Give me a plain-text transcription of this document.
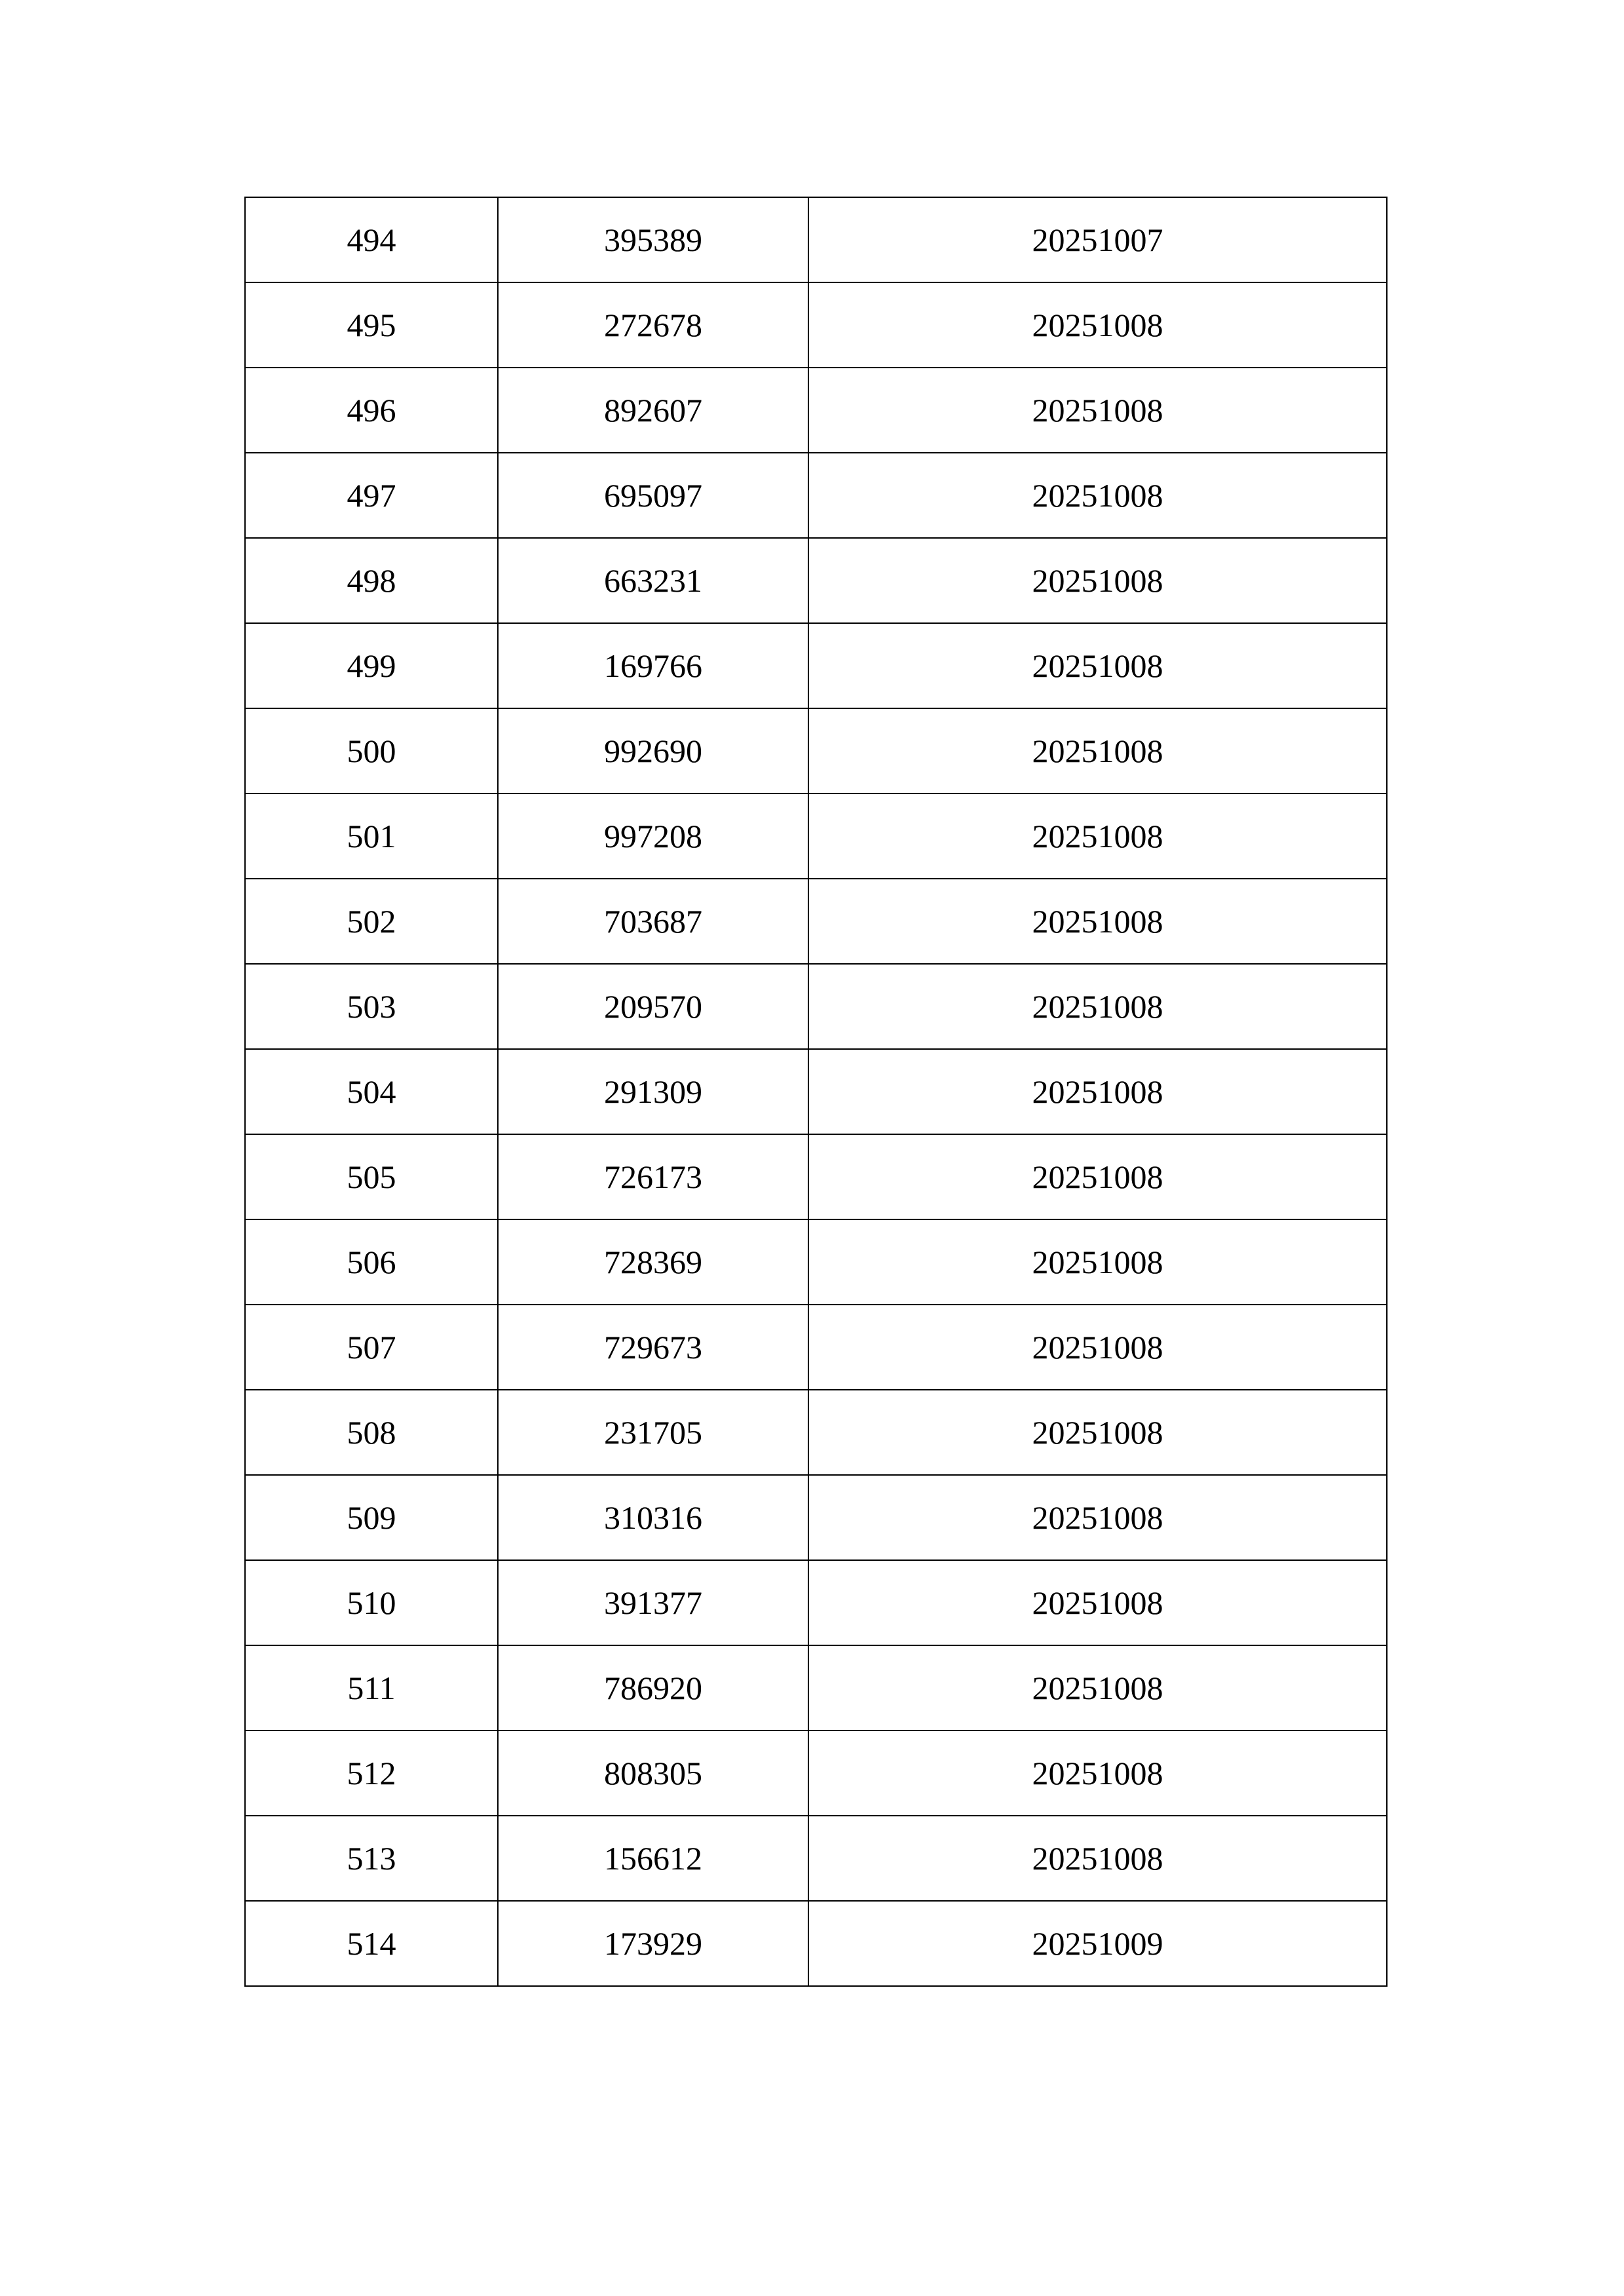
494	395389	20251007
495	272678	20251008
496	892607	20251008
497	695097	20251008
498	663231	20251008
499	169766	20251008
500	992690	20251008
501	997208	20251008
502	703687	20251008
503	209570	20251008
504	291309	20251008
505	726173	20251008
506	728369	20251008
507	729673	20251008
508	231705	20251008
509	310316	20251008
510	391377	20251008
511	786920	20251008
512	808305	20251008
513	156612	20251008
514	173929	20251009
